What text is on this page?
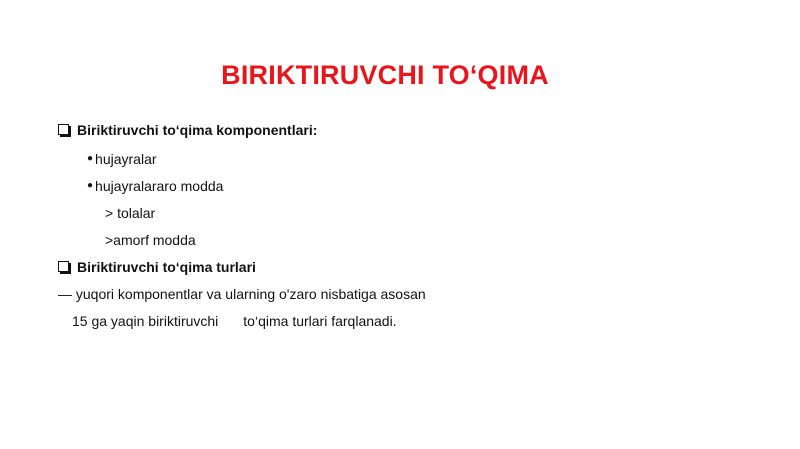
BIRIKTIRUVCHI TO‘QIMA
Biriktiruvchi to‘qima komponentlari:
● hujayralar
● hujayralararo modda
> tolalar
>amorf modda
Biriktiruvchi to‘qima turlari
— yuqori komponentlar va ularning o'zaro nisbatiga asosan
15 ga yaqin biriktiruvchi to‘qima turlari farqlanadi.
